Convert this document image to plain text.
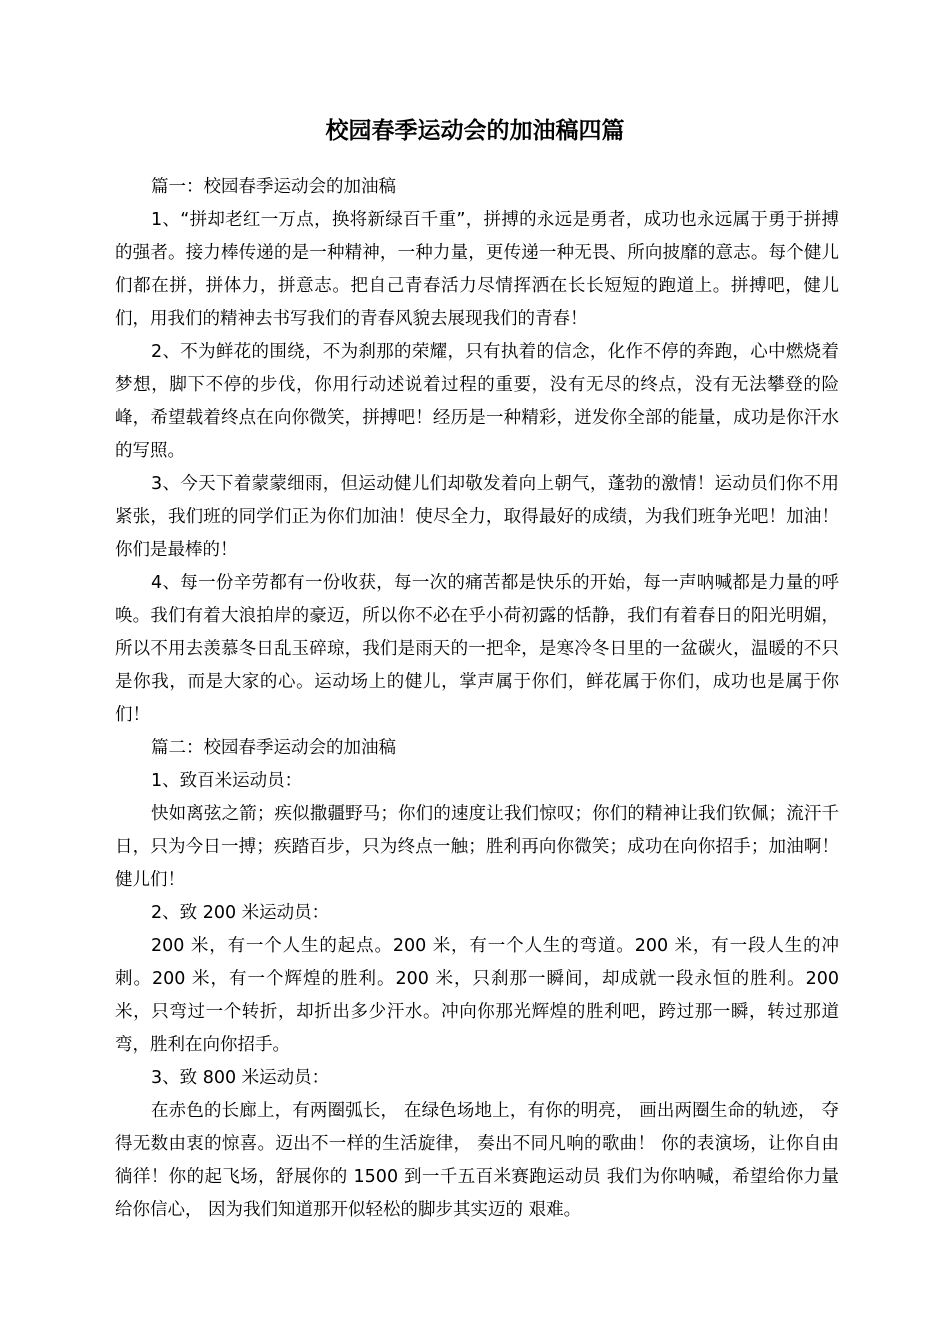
校园春季运动会的加油稿四篇

篇一：校园春季运动会的加油稿

1、“拼却老红一万点，换将新绿百千重”，拼搏的永远是勇者，成功也永远属于勇于拼搏的强者。接力棒传递的是一种精神，一种力量，更传递一种无畏、所向披靡的意志。每个健儿们都在拼，拼体力，拼意志。把自己青春活力尽情挥洒在长长短短的跑道上。拼搏吧，健儿们，用我们的精神去书写我们的青春风貌去展现我们的青春！

2、不为鲜花的围绕，不为刹那的荣耀，只有执着的信念，化作不停的奔跑，心中燃烧着梦想，脚下不停的步伐，你用行动述说着过程的重要，没有无尽的终点，没有无法攀登的险峰，希望载着终点在向你微笑，拼搏吧！经历是一种精彩，迸发你全部的能量，成功是你汗水的写照。

3、今天下着蒙蒙细雨，但运动健儿们却敬发着向上朝气，蓬勃的激情！运动员们你不用紧张，我们班的同学们正为你们加油！使尽全力，取得最好的成绩，为我们班争光吧！加油！你们是最棒的！

4、每一份辛劳都有一份收获，每一次的痛苦都是快乐的开始，每一声呐喊都是力量的呼唤。我们有着大浪拍岸的豪迈，所以你不必在乎小荷初露的恬静，我们有着春日的阳光明媚，所以不用去羡慕冬日乱玉碎琼，我们是雨天的一把伞，是寒冷冬日里的一盆碳火，温暖的不只是你我，而是大家的心。运动场上的健儿，掌声属于你们，鲜花属于你们，成功也是属于你们！

篇二：校园春季运动会的加油稿

1、致百米运动员：

快如离弦之箭；疾似撒疆野马；你们的速度让我们惊叹；你们的精神让我们钦佩；流汗千日，只为今日一搏；疾踏百步，只为终点一触；胜利再向你微笑；成功在向你招手；加油啊！健儿们！

2、致 200 米运动员：

200 米，有一个人生的起点。200 米，有一个人生的弯道。200 米，有一段人生的冲刺。200 米，有一个辉煌的胜利。200 米，只刹那一瞬间，却成就一段永恒的胜利。200 米，只弯过一个转折，却折出多少汗水。冲向你那光辉煌的胜利吧，跨过那一瞬，转过那道弯，胜利在向你招手。

3、致 800 米运动员：

在赤色的长廊上，有两圈弧长， 在绿色场地上，有你的明亮， 画出两圈生命的轨迹， 夺得无数由衷的惊喜。迈出不一样的生活旋律， 奏出不同凡响的歌曲！ 你的表演场，让你自由徜徉！你的起飞场，舒展你的 1500 到一千五百米赛跑运动员 我们为你呐喊，希望给你力量给你信心， 因为我们知道那开似轻松的脚步其实迈的 艰难。
